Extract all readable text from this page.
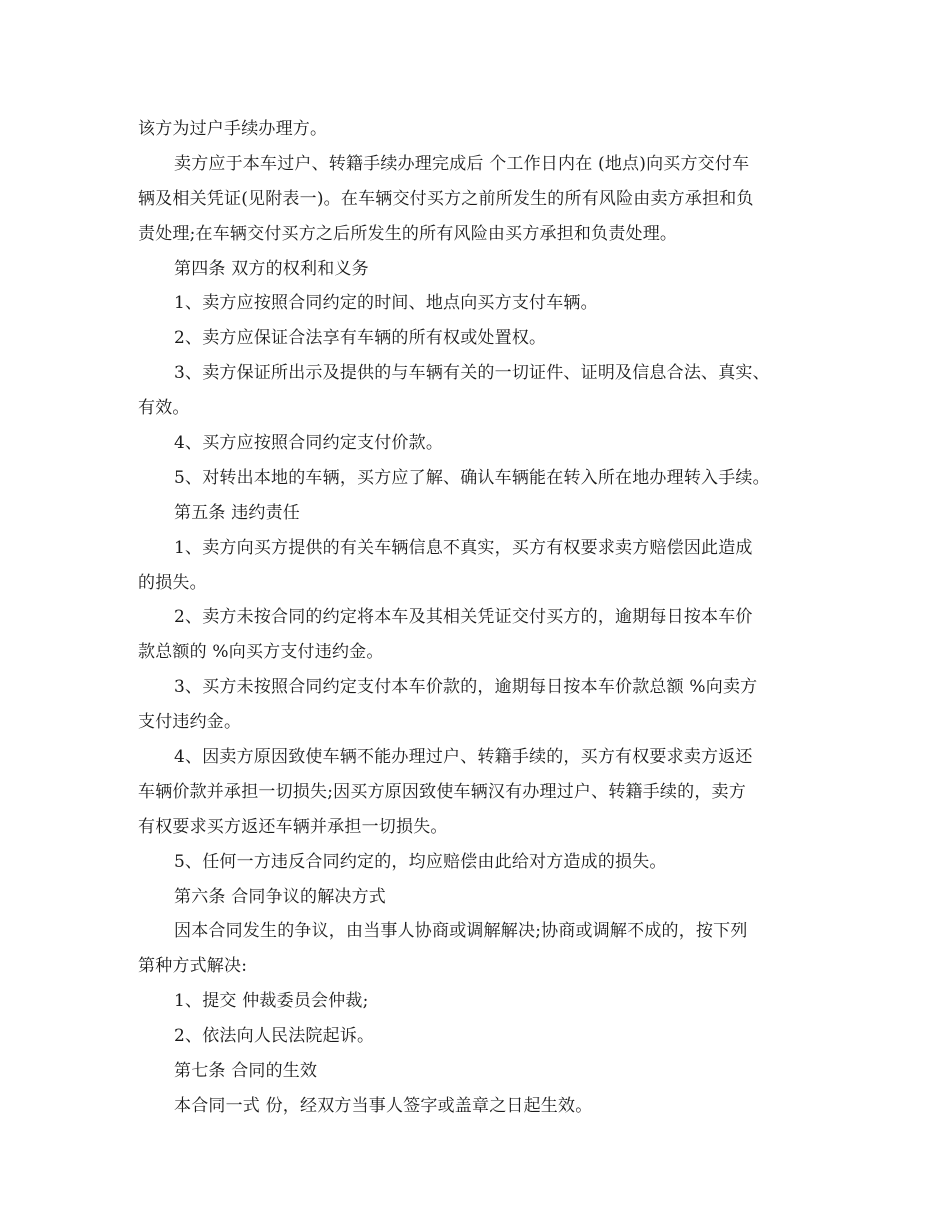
该方为过户手续办理方。
卖方应于本车过户、转籍手续办理完成后 个工作日内在 (地点)向买方交付车
辆及相关凭证(见附表一)。在车辆交付买方之前所发生的所有风险由卖方承担和负
责处理;在车辆交付买方之后所发生的所有风险由买方承担和负责处理。
第四条 双方的权利和义务
1、卖方应按照合同约定的时间、地点向买方支付车辆。
2、卖方应保证合法享有车辆的所有权或处置权。
3、卖方保证所出示及提供的与车辆有关的一切证件、证明及信息合法、真实、
有效。
4、买方应按照合同约定支付价款。
5、对转出本地的车辆，买方应了解、确认车辆能在转入所在地办理转入手续。
第五条 违约责任
1、卖方向买方提供的有关车辆信息不真实，买方有权要求卖方赔偿因此造成
的损失。
2、卖方未按合同的约定将本车及其相关凭证交付买方的，逾期每日按本车价
款总额的 %向买方支付违约金。
3、买方未按照合同约定支付本车价款的，逾期每日按本车价款总额 %向卖方
支付违约金。
4、因卖方原因致使车辆不能办理过户、转籍手续的，买方有权要求卖方返还
车辆价款并承担一切损失;因买方原因致使车辆汉有办理过户、转籍手续的，卖方
有权要求买方返还车辆并承担一切损失。
5、任何一方违反合同约定的，均应赔偿由此给对方造成的损失。
第六条 合同争议的解决方式
因本合同发生的争议，由当事人协商或调解解决;协商或调解不成的，按下列
第种方式解决:
1、提交 仲裁委员会仲裁;
2、依法向人民法院起诉。
第七条 合同的生效
本合同一式 份，经双方当事人签字或盖章之日起生效。
